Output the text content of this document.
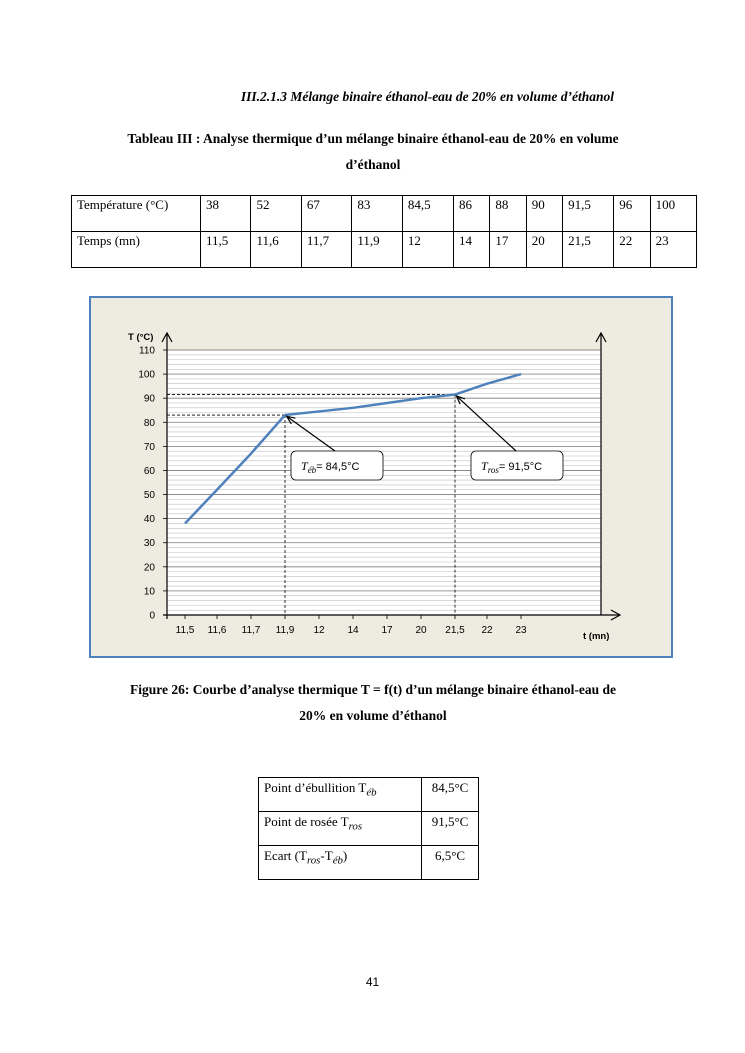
III.2.1.3 Mélange binaire éthanol-eau de 20% en volume d’éthanol
Tableau III : Analyse thermique d’un mélange binaire éthanol-eau de 20% en volume
d’éthanol
Température (°C)	38	52	67	83	84,5	86	88	90	91,5	96	100
Temps (mn)	11,5	11,6	11,7	11,9	12	14	17	20	21,5	22	23
0
10
20
30
40
50
60
70
80
90
100
110
11,5 11,6 11,7 11,9 12 14 17 20 21,5 22 23
T (°C)
t (mn)
$T_{éb}= 84,5^\circ C$	$T_{ros}= 91,5^\circ C$
Figure 26: Courbe d’analyse thermique T = f(t) d’un mélange binaire éthanol-eau de
20% en volume d’éthanol
Point d’ébullition $T_{éb}$	84,5°C
Point de rosée $T_{ros}$	91,5°C
Ecart $(T_{ros}-T_{éb})$	6,5°C
41
